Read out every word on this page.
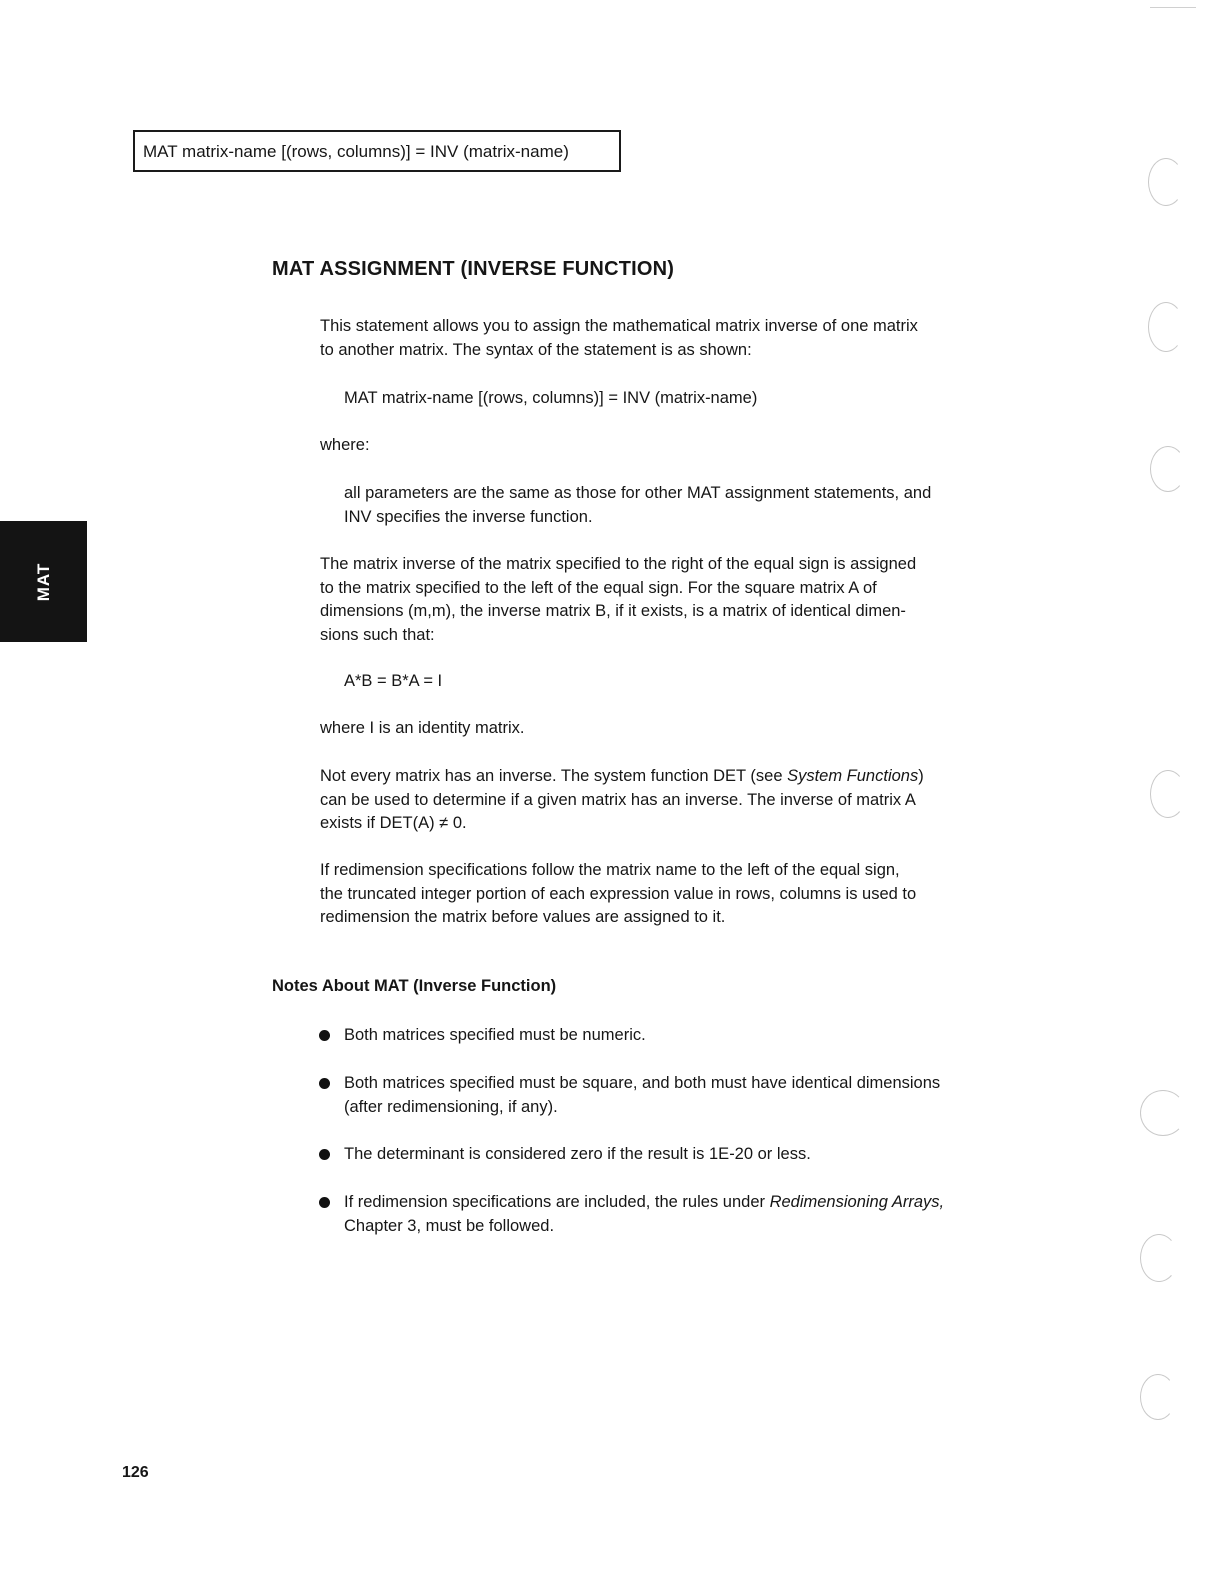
MAT matrix-name [(rows, columns)] = INV (matrix-name)
MAT ASSIGNMENT (INVERSE FUNCTION)

This statement allows you to assign the mathematical matrix inverse of one matrix
to another matrix. The syntax of the statement is as shown:

MAT matrix-name [(rows, columns)] = INV (matrix-name)

where:

all parameters are the same as those for other MAT assignment statements, and
INV specifies the inverse function.

The matrix inverse of the matrix specified to the right of the equal sign is assigned
to the matrix specified to the left of the equal sign. For the square matrix A of
dimensions (m,m), the inverse matrix B, if it exists, is a matrix of identical dimen-
sions such that:

A*B = B*A = I

where I is an identity matrix.

Not every matrix has an inverse. The system function DET (see System Functions)
can be used to determine if a given matrix has an inverse. The inverse of matrix A
exists if DET(A) ≠ 0.

If redimension specifications follow the matrix name to the left of the equal sign,
the truncated integer portion of each expression value in rows, columns is used to
redimension the matrix before values are assigned to it.

Notes About MAT (Inverse Function)
Both matrices specified must be numeric.
Both matrices specified must be square, and both must have identical dimensions
(after redimensioning, if any).
The determinant is considered zero if the result is 1E-20 or less.
If redimension specifications are included, the rules under Redimensioning Arrays,
Chapter 3, must be followed.
MAT
126
